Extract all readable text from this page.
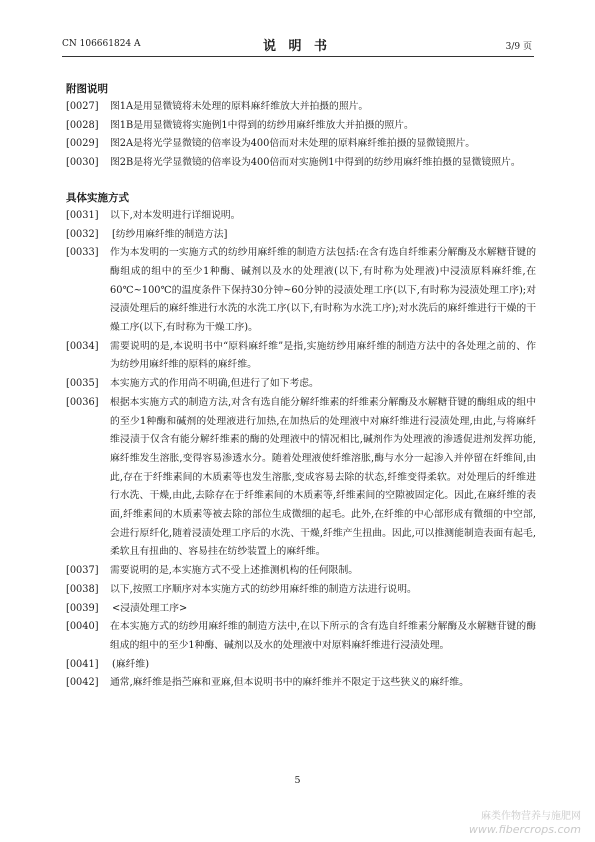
CN 106661824 A	说 明 书	3/9 页
附图说明
[0027]	图1A是用显微镜将未处理的原料麻纤维放大并拍摄的照片。
[0028]	图1B是用显微镜将实施例1中得到的纺纱用麻纤维放大并拍摄的照片。
[0029]	图2A是将光学显微镜的倍率设为400倍而对未处理的原料麻纤维拍摄的显微镜照片。
[0030]	图2B是将光学显微镜的倍率设为400倍而对实施例1中得到的纺纱用麻纤维拍摄的显微镜照片。
具体实施方式
[0031]	以下,对本发明进行详细说明。
[0032]	[纺纱用麻纤维的制造方法]
[0033]	作为本发明的一实施方式的纺纱用麻纤维的制造方法包括:在含有选自纤维素分解酶及水解糖苷键的酶组成的组中的至少1种酶、碱剂以及水的处理液(以下,有时称为处理液)中浸渍原料麻纤维,在60℃~100℃的温度条件下保持30分钟~60分钟的浸渍处理工序(以下,有时称为浸渍处理工序);对浸渍处理后的麻纤维进行水洗的水洗工序(以下,有时称为水洗工序);对水洗后的麻纤维进行干燥的干燥工序(以下,有时称为干燥工序)。
[0034]	需要说明的是,本说明书中“原料麻纤维”是指,实施纺纱用麻纤维的制造方法中的各处理之前的、作为纺纱用麻纤维的原料的麻纤维。
[0035]	本实施方式的作用尚不明确,但进行了如下考虑。
[0036]	根据本实施方式的制造方法,对含有选自能分解纤维素的纤维素分解酶及水解糖苷键的酶组成的组中的至少1种酶和碱剂的处理液进行加热,在加热后的处理液中对麻纤维进行浸渍处理,由此,与将麻纤维浸渍于仅含有能分解纤维素的酶的处理液中的情况相比,碱剂作为处理液的渗透促进剂发挥功能,麻纤维发生溶胀,变得容易渗透水分。随着处理液使纤维溶胀,酶与水分一起渗入并停留在纤维间,由此,存在于纤维素间的木质素等也发生溶胀,变成容易去除的状态,纤维变得柔软。对处理后的纤维进行水洗、干燥,由此,去除存在于纤维素间的木质素等,纤维素间的空隙被固定化。因此,在麻纤维的表面,纤维素间的木质素等被去除的部位生成微细的起毛。此外,在纤维的中心部形成有微细的中空部,会进行原纤化,随着浸渍处理工序后的水洗、干燥,纤维产生扭曲。因此,可以推测能制造表面有起毛,柔软且有扭曲的、容易挂在纺纱装置上的麻纤维。
[0037]	需要说明的是,本实施方式不受上述推测机构的任何限制。
[0038]	以下,按照工序顺序对本实施方式的纺纱用麻纤维的制造方法进行说明。
[0039]	<浸渍处理工序>
[0040]	在本实施方式的纺纱用麻纤维的制造方法中,在以下所示的含有选自纤维素分解酶及水解糖苷键的酶组成的组中的至少1种酶、碱剂以及水的处理液中对原料麻纤维进行浸渍处理。
[0041]	(麻纤维)
[0042]	通常,麻纤维是指苎麻和亚麻,但本说明书中的麻纤维并不限定于这些狭义的麻纤维。
5
麻类作物营养与施肥网
www.fibercrops.com
